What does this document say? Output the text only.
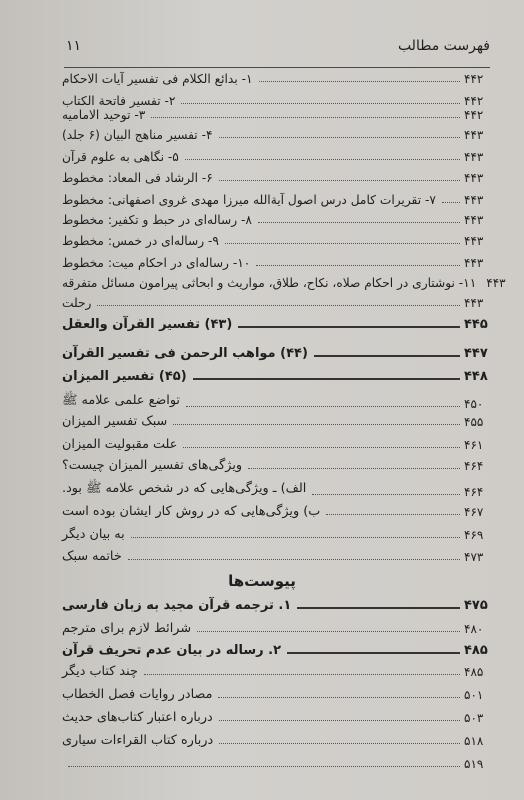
۱۱	فهرست مطالب
۱- بدائع الکلام فی تفسیر آیات الاحکام	۴۴۲
۲- تفسیر فاتحة الکتاب	۴۴۲
۳- توحید الامامیه	۴۴۲
۴- تفسیر مناهج البیان (۶ جلد)	۴۴۳
۵- نگاهی به علوم قرآن	۴۴۳
۶- الرشاد فی المعاد: مخطوط	۴۴۳
۷- تقریرات کامل درس اصول آیة‌الله میرزا مهدی غروی اصفهانی: مخطوط ۴۴۳
۸- رساله‌ای در حبط و تکفیر: مخطوط	۴۴۳
۹- رساله‌ای در خمس: مخطوط	۴۴۳
۱۰- رساله‌ای در احکام میت: مخطوط	۴۴۳
۱۱- نوشتاری در احکام صلاه، نکاح، طلاق، مواریث و ابحاثی پیرامون مسائل متفرقه ۴۴۳
رحلت	۴۴۳
(۴۳) تفسیر القرآن والعقل	۴۴۵
(۴۴) مواهب الرحمن فی تفسیر القرآن	۴۴۷
(۴۵) تفسیر المیزان	۴۴۸
تواضع علمی علامه ﷺ	۴۵۰
سبک تفسیر المیزان	۴۵۵
علت مقبولیت المیزان	۴۶۱
ویژگی‌های تفسیر المیزان چیست؟	۴۶۴
الف) ـ ویژگی‌هایی که در شخص علامه ﷺ بود.	۴۶۴
ب) ویژگی‌هایی که در روش کار ایشان بوده است	۴۶۷
به بیان دیگر	۴۶۹
خاتمه سبک	۴۷۳
پیوست‌ها
۱. ترجمه قرآن مجید به زبان فارسی	۴۷۵
شرائط لازم برای مترجم	۴۸۰
۲. رساله در بیان عدم تحریف قرآن	۴۸۵
چند کتاب دیگر	۴۸۵
مصادر روایات فصل الخطاب	۵۰۱
درباره اعتبار کتاب‌های حدیث	۵۰۳
درباره کتاب القراءات سیاری	۵۱۸
۵۱۹
